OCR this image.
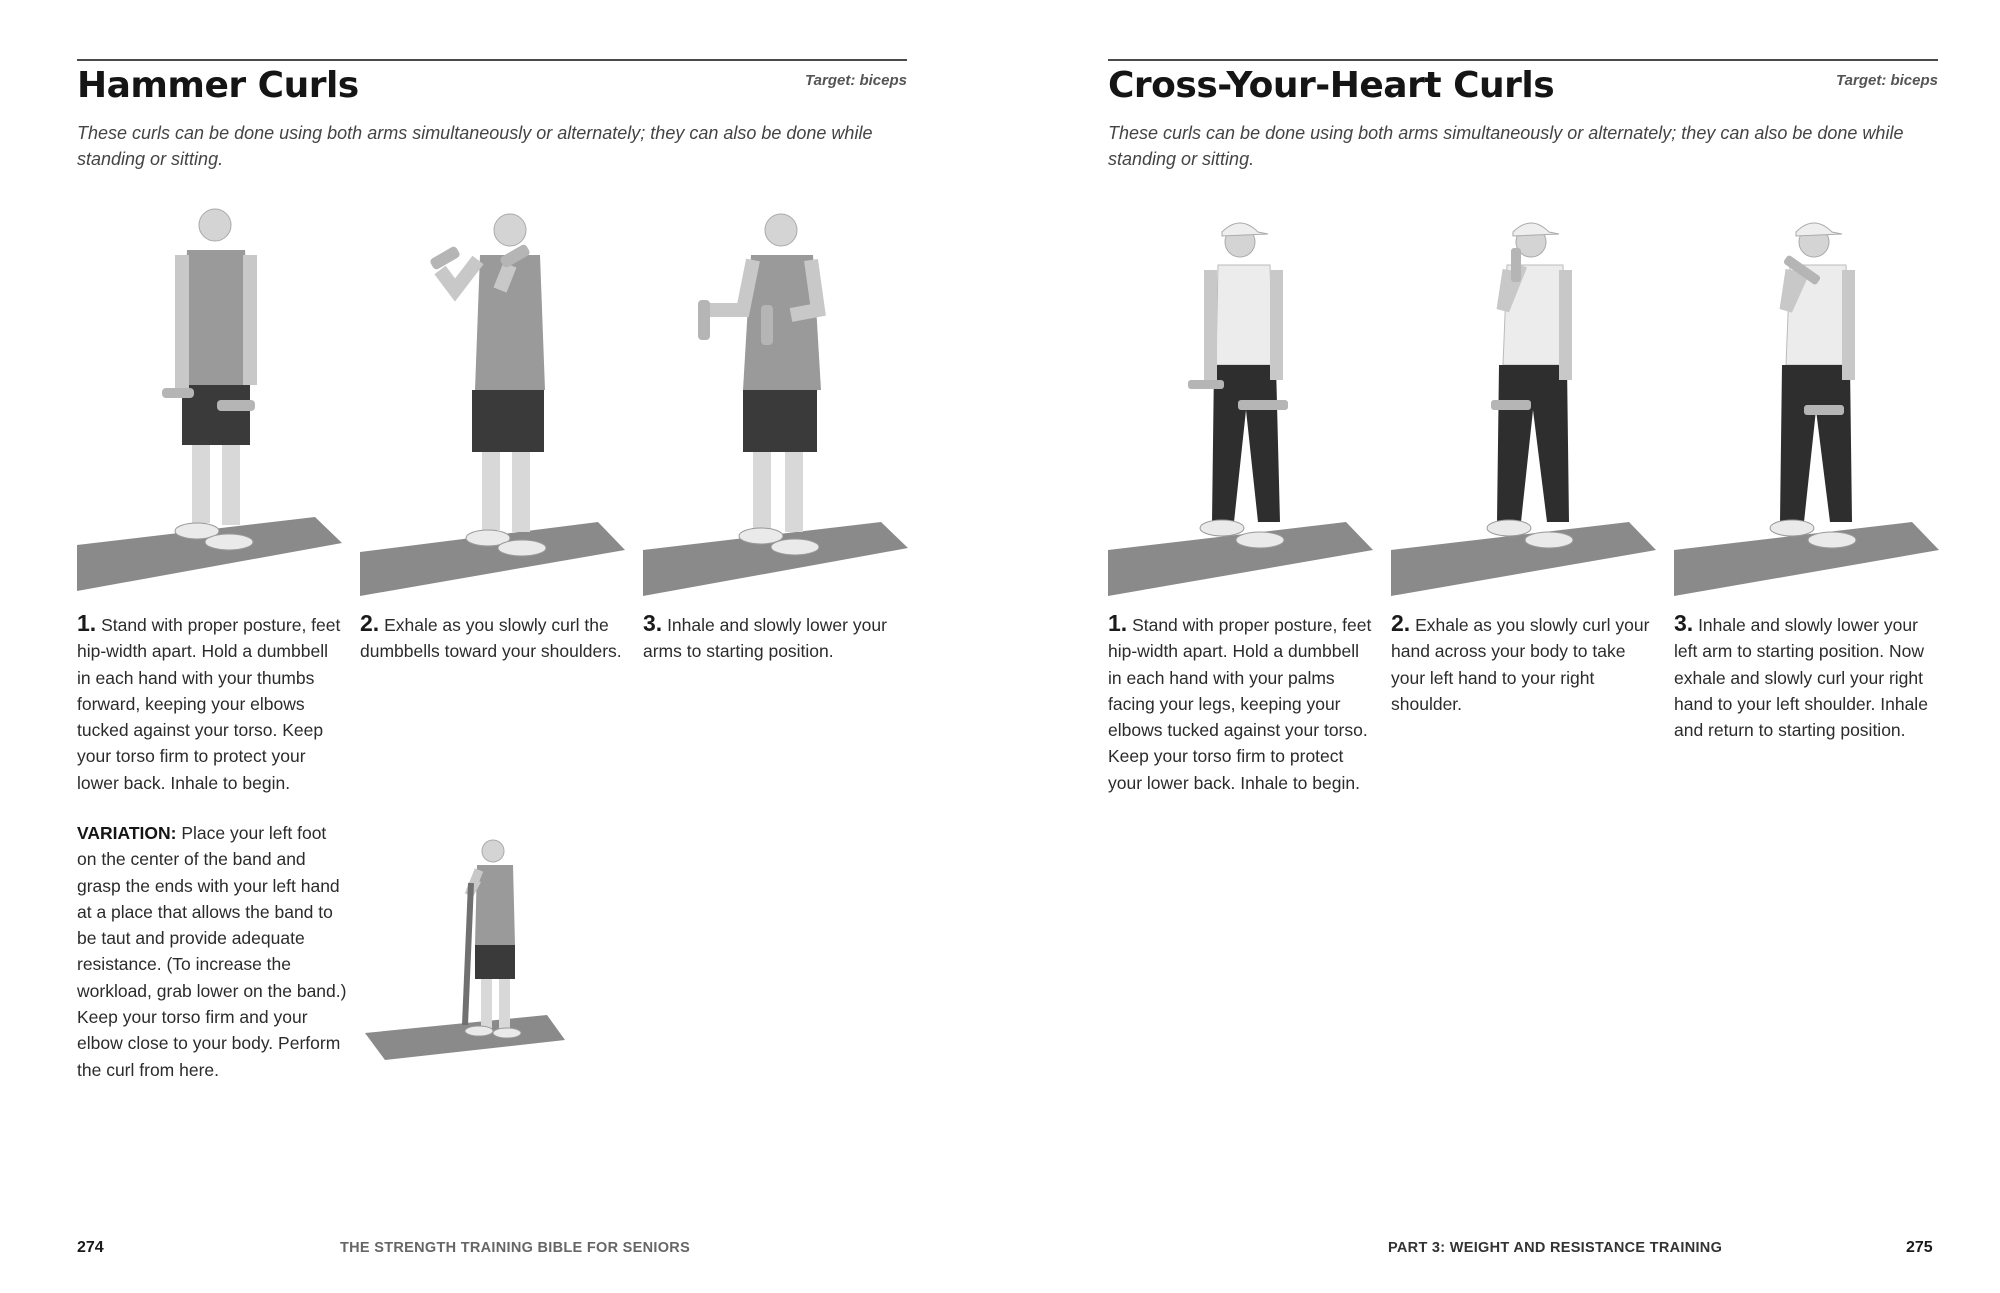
Hammer Curls	Target: biceps

These curls can be done using both arms simultaneously or alternately; they can also be done while standing or sitting.

1. Stand with proper posture, feet hip-width apart. Hold a dumbbell in each hand with your thumbs forward, keeping your elbows tucked against your torso. Keep your torso firm to protect your lower back. Inhale to begin.

2. Exhale as you slowly curl the dumbbells toward your shoulders.

3. Inhale and slowly lower your arms to starting position.

VARIATION: Place your left foot on the center of the band and grasp the ends with your left hand at a place that allows the band to be taut and provide adequate resistance. (To increase the workload, grab lower on the band.) Keep your torso firm and your elbow close to your body. Perform the curl from here.

274	THE STRENGTH TRAINING BIBLE FOR SENIORS
Cross-Your-Heart Curls	Target: biceps

These curls can be done using both arms simultaneously or alternately; they can also be done while standing or sitting.

1. Stand with proper posture, feet hip-width apart. Hold a dumbbell in each hand with your palms facing your legs, keeping your elbows tucked against your torso. Keep your torso firm to protect your lower back. Inhale to begin.

2. Exhale as you slowly curl your hand across your body to take your left hand to your right shoulder.

3. Inhale and slowly lower your left arm to starting position. Now exhale and slowly curl your right hand to your left shoulder. Inhale and return to starting position.

PART 3: WEIGHT AND RESISTANCE TRAINING	275
